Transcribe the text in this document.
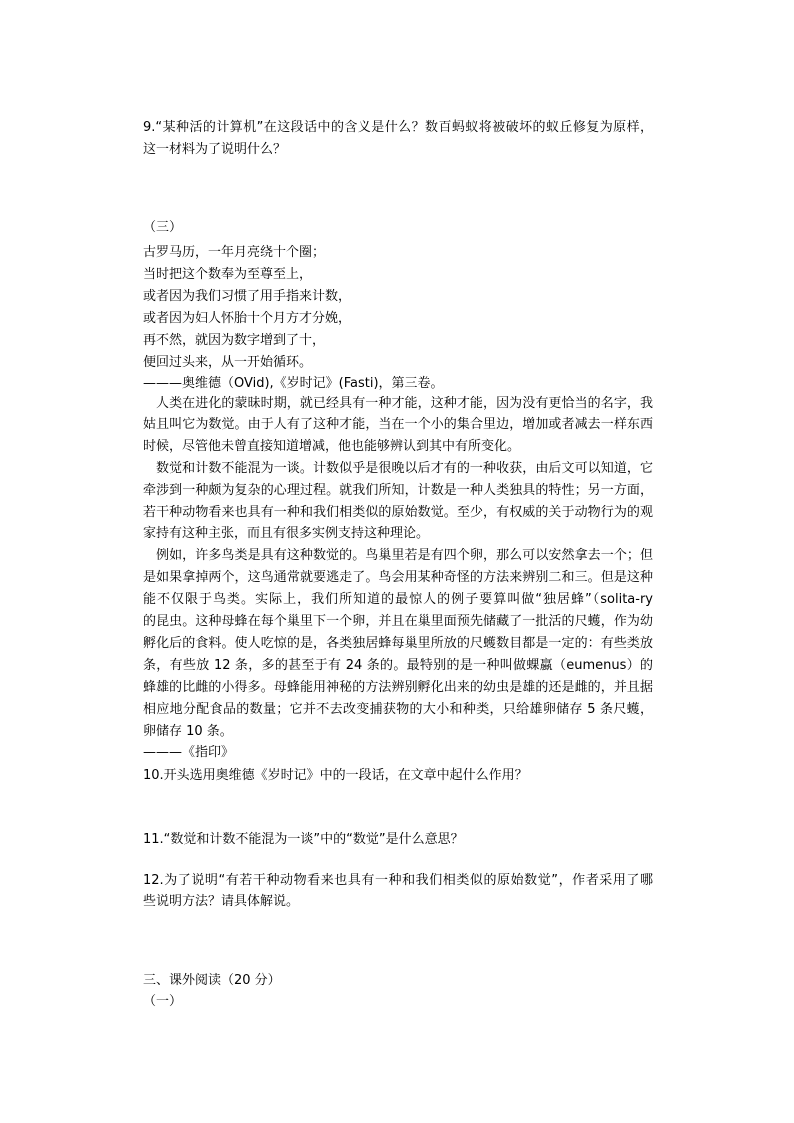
9.“某种活的计算机”在这段话中的含义是什么？数百蚂蚁将被破坏的蚁丘修复为原样，
这一材料为了说明什么？
（三）
古罗马历，一年月亮绕十个圈；
当时把这个数奉为至尊至上，
或者因为我们习惯了用手指来计数，
或者因为妇人怀胎十个月方才分娩，
再不然，就因为数字增到了十，
便回过头来，从一开始循环。
———奥维德（OVid),《岁时记》(Fasti)，第三卷。
人类在进化的蒙昧时期，就已经具有一种才能，这种才能，因为没有更恰当的名字，我
姑且叫它为数觉。由于人有了这种才能，当在一个小的集合里边，增加或者减去一样东西
时候，尽管他未曾直接知道增减，他也能够辨认到其中有所变化。
数觉和计数不能混为一谈。计数似乎是很晚以后才有的一种收获，由后文可以知道，它
牵涉到一种颇为复杂的心理过程。就我们所知，计数是一种人类独具的特性；另一方面，
若干种动物看来也具有一种和我们相类似的原始数觉。至少，有权威的关于动物行为的观
家持有这种主张，而且有很多实例支持这种理论。
例如，许多鸟类是具有这种数觉的。鸟巢里若是有四个卵，那么可以安然拿去一个；但
是如果拿掉两个，这鸟通常就要逃走了。鸟会用某种奇怪的方法来辨别二和三。但是这种
能不仅限于鸟类。实际上，我们所知道的最惊人的例子要算叫做“独居蜂”（solita-ry
的昆虫。这种母蜂在每个巢里下一个卵，并且在巢里面预先储藏了一批活的尺蠖，作为幼
孵化后的食料。使人吃惊的是，各类独居蜂每巢里所放的尺蠖数目都是一定的：有些类放
条，有些放 12 条，多的甚至于有 24 条的。最特别的是一种叫做蜾蠃（eumenus）的
蜂雄的比雌的小得多。母蜂能用神秘的方法辨别孵化出来的幼虫是雄的还是雌的，并且据
相应地分配食品的数量；它并不去改变捕获物的大小和种类，只给雄卵储存 5 条尺蠖，
卵储存 10 条。
———《指印》
10.开头选用奥维德《岁时记》中的一段话，在文章中起什么作用？
11.“数觉和计数不能混为一谈”中的“数觉”是什么意思？
12.为了说明“有若干种动物看来也具有一种和我们相类似的原始数觉”，作者采用了哪
些说明方法？请具体解说。
三、课外阅读（20 分）
（一）
